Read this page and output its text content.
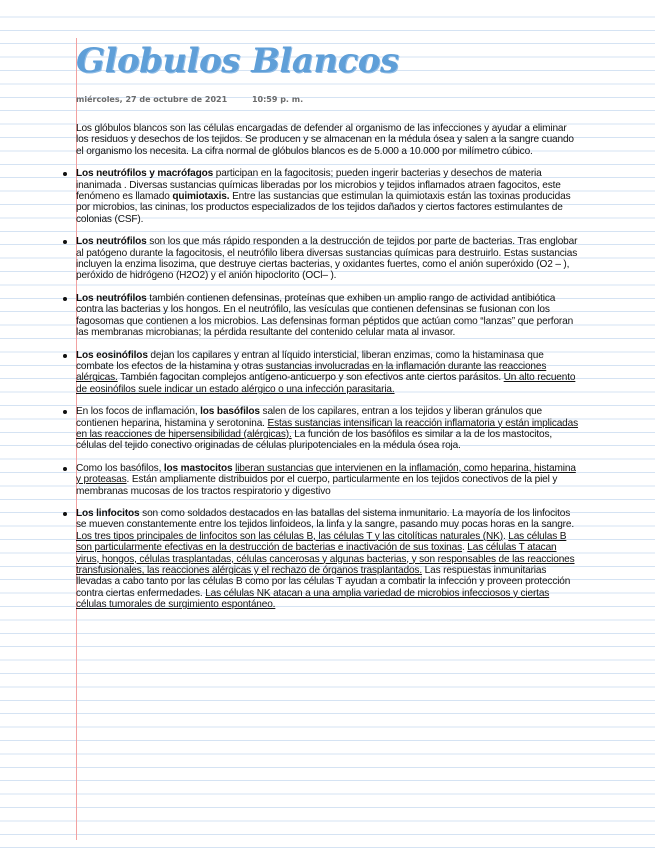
Globulos Blancos
miércoles, 27 de octubre de 2021	10:59 p. m.

Los glóbulos blancos son las células encargadas de defender al organismo de las infecciones y ayudar a eliminar los residuos y desechos de los tejidos. Se producen y se almacenan en la médula ósea y salen a la sangre cuando el organismo los necesita. La cifra normal de glóbulos blancos es de 5.000 a 10.000 por milímetro cúbico.

Los neutrófilos y macrófagos participan en la fagocitosis; pueden ingerir bacterias y desechos de materia inanimada . Diversas sustancias químicas liberadas por los microbios y tejidos inflamados atraen fagocitos, este fenómeno es llamado quimiotaxis. Entre las sustancias que estimulan la quimiotaxis están las toxinas producidas por microbios, las cininas, los productos especializados de los tejidos dañados y ciertos factores estimulantes de colonias (CSF).
Los neutrófilos son los que más rápido responden a la destrucción de tejidos por parte de bacterias. Tras englobar al patógeno durante la fagocitosis, el neutrófilo libera diversas sustancias químicas para destruirlo. Estas sustancias incluyen la enzima lisozima, que destruye ciertas bacterias, y oxidantes fuertes, como el anión superóxido (O2 – ), peróxido de hidrógeno (H2O2) y el anión hipoclorito (OCl– ).
Los neutrófilos también contienen defensinas, proteínas que exhiben un amplio rango de actividad antibiótica contra las bacterias y los hongos. En el neutrófilo, las vesículas que contienen defensinas se fusionan con los fagosomas que contienen a los microbios. Las defensinas forman péptidos que actúan como “lanzas” que perforan las membranas microbianas; la pérdida resultante del contenido celular mata al invasor.
Los eosinófilos dejan los capilares y entran al líquido intersticial, liberan enzimas, como la histaminasa que combate los efectos de la histamina y otras sustancias involucradas en la inflamación durante las reacciones alérgicas. También fagocitan complejos antígeno-anticuerpo y son efectivos ante ciertos parásitos. Un alto recuento de eosinófilos suele indicar un estado alérgico o una infección parasitaria.
En los focos de inflamación, los basófilos salen de los capilares, entran a los tejidos y liberan gránulos que contienen heparina, histamina y serotonina. Estas sustancias intensifican la reacción inflamatoria y están implicadas en las reacciones de hipersensibilidad (alérgicas). La función de los basófilos es similar a la de los mastocitos, células del tejido conectivo originadas de células pluripotenciales en la médula ósea roja.
Como los basófilos, los mastocitos liberan sustancias que intervienen en la inflamación, como heparina, histamina y proteasas. Están ampliamente distribuidos por el cuerpo, particularmente en los tejidos conectivos de la piel y membranas mucosas de los tractos respiratorio y digestivo
Los linfocitos son como soldados destacados en las batallas del sistema inmunitario. La mayoría de los linfocitos se mueven constantemente entre los tejidos linfoideos, la linfa y la sangre, pasando muy pocas horas en la sangre. Los tres tipos principales de linfocitos son las células B, las células T y las citolíticas naturales (NK). Las células B son particularmente efectivas en la destrucción de bacterias e inactivación de sus toxinas. Las células T atacan virus, hongos, células trasplantadas, células cancerosas y algunas bacterias, y son responsables de las reacciones transfusionales, las reacciones alérgicas y el rechazo de órganos trasplantados. Las respuestas inmunitarias llevadas a cabo tanto por las células B como por las células T ayudan a combatir la infección y proveen protección contra ciertas enfermedades. Las células NK atacan a una amplia variedad de microbios infecciosos y ciertas células tumorales de surgimiento espontáneo.
